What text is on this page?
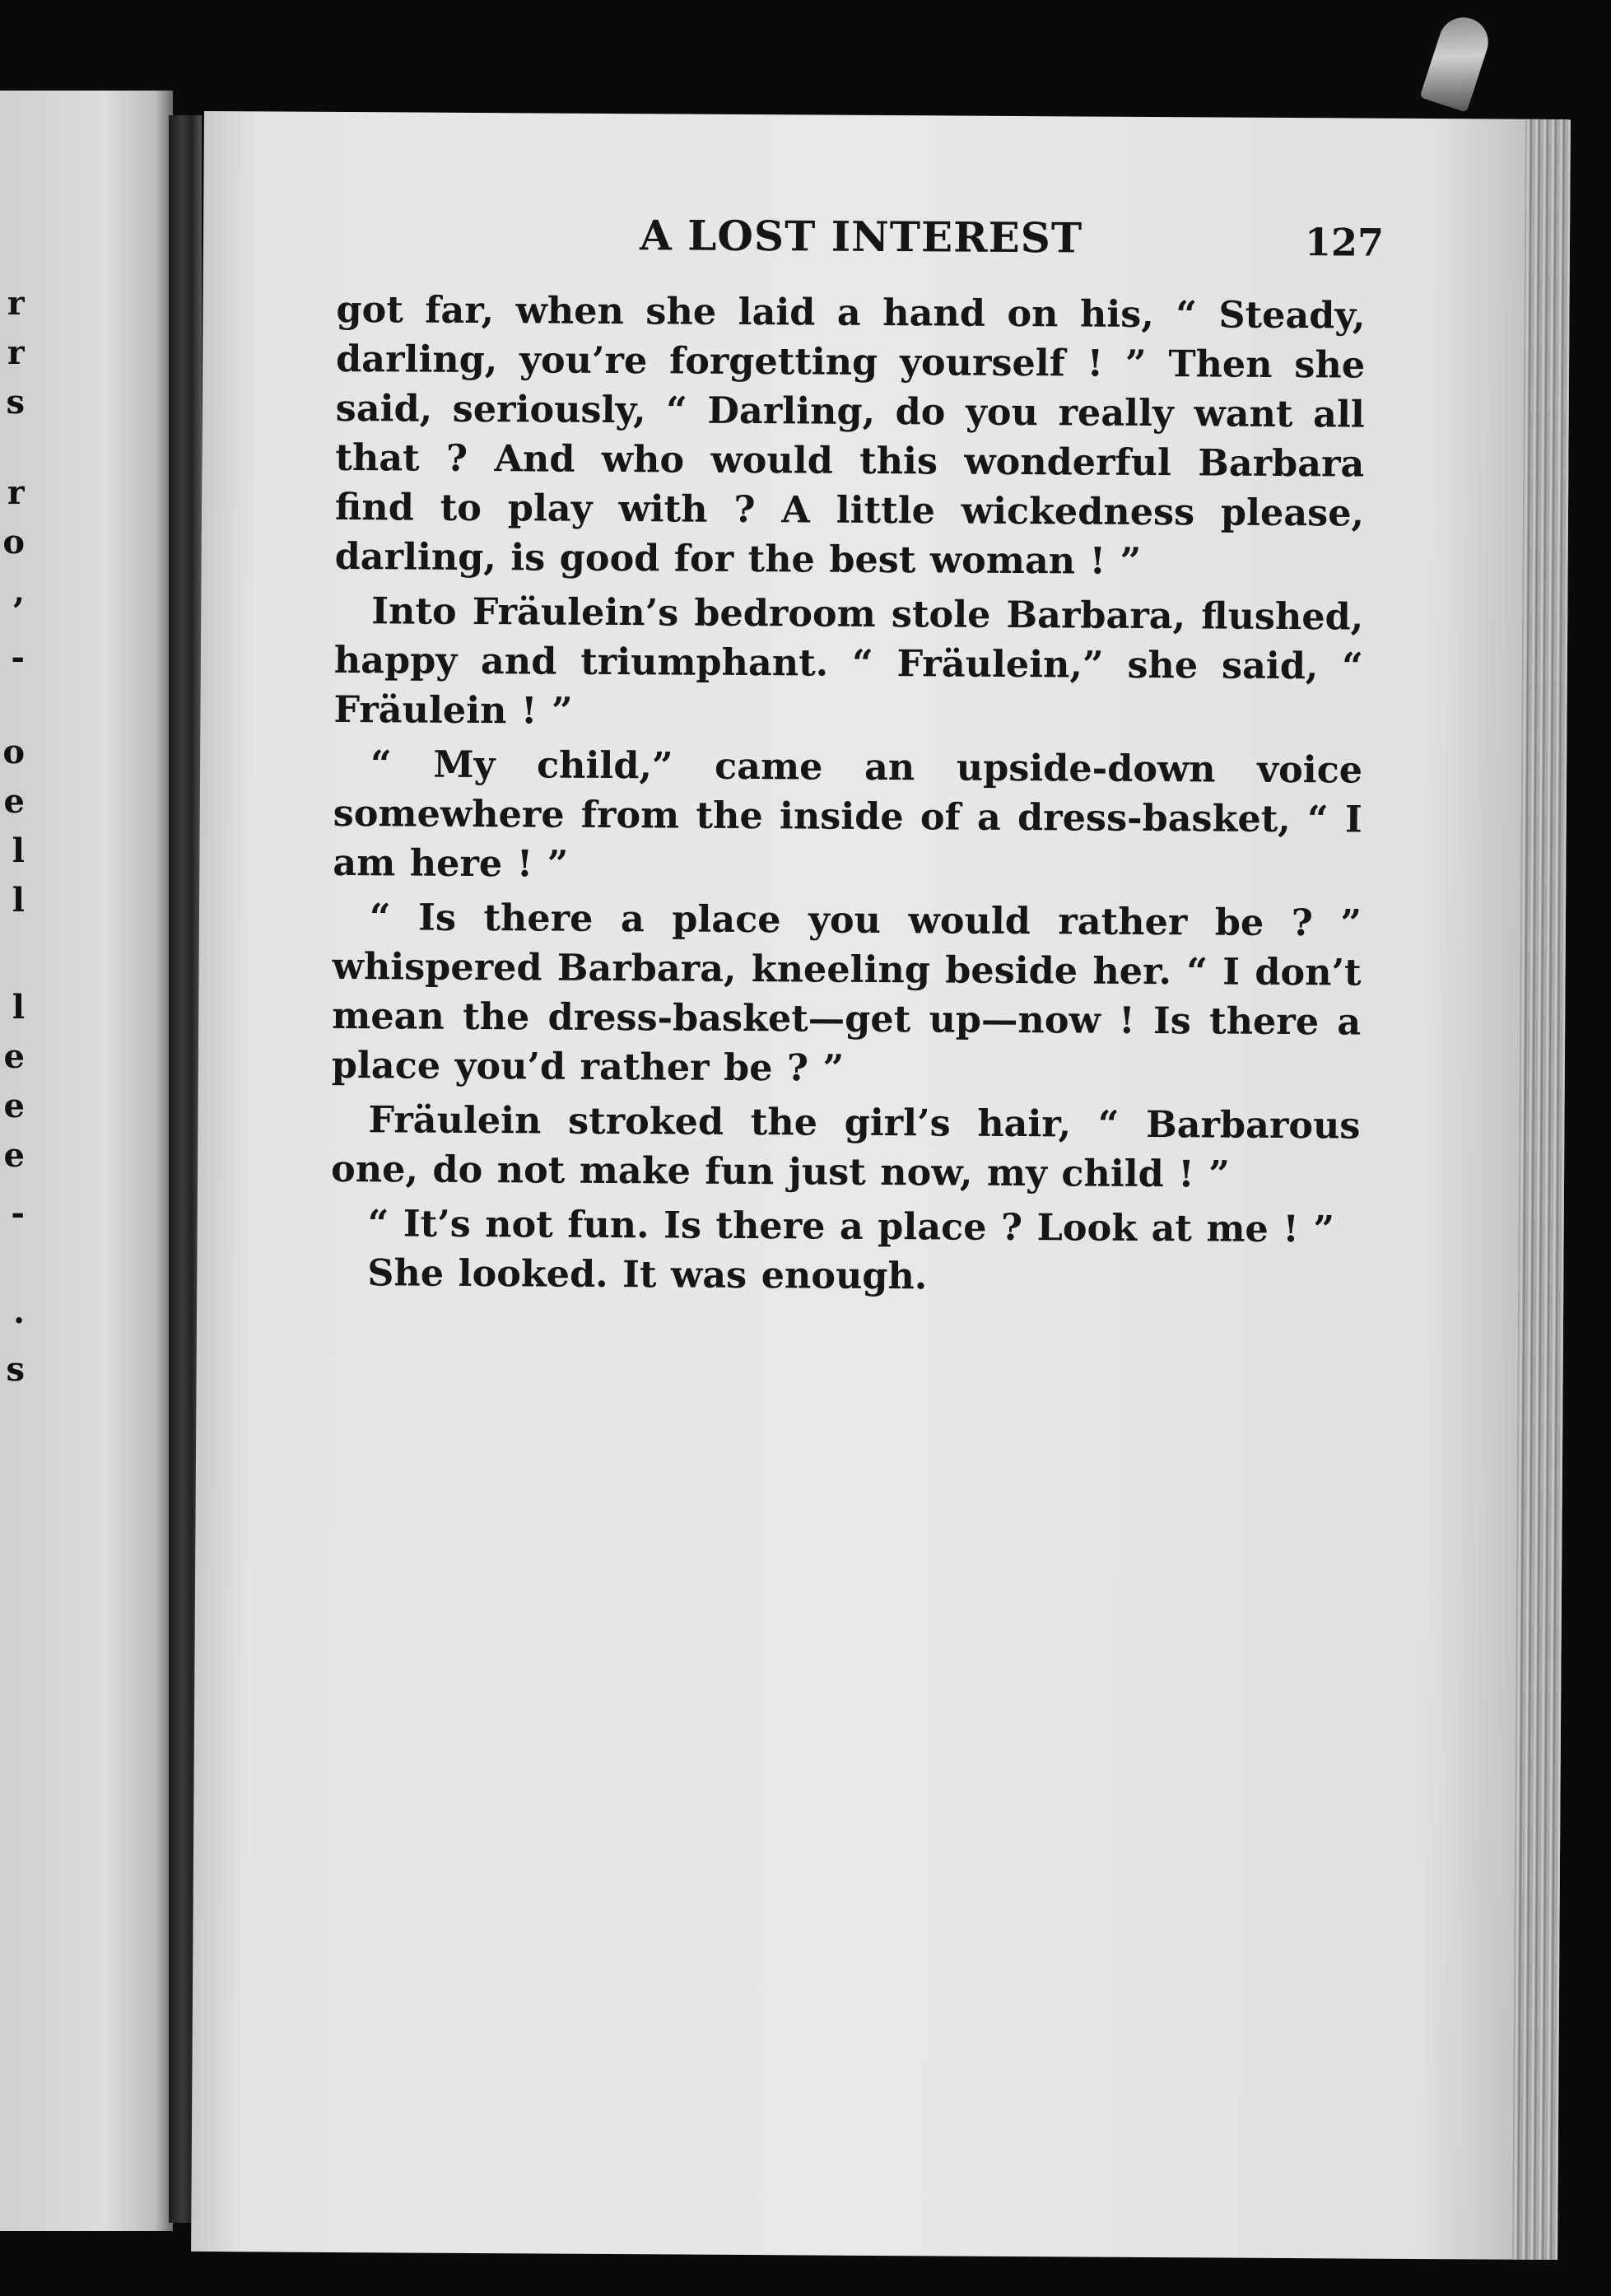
r
r
s
r
o
,
-
o
e
l
l
l
e
e
e
-
.
s
A LOST INTEREST	127

got far, when she laid a hand on his, “ Steady, darling, you’re forgetting yourself ! ” Then she said, seriously, “ Darling, do you really want all that ? And who would this wonderful Barbara find to play with ? A little wickedness please, darling, is good for the best woman ! ”

Into Fräulein’s bedroom stole Barbara, flushed, happy and triumphant. “ Fräulein,” she said, “ Fräulein ! ”

“ My child,” came an upside-down voice somewhere from the inside of a dress-basket, “ I am here ! ”

“ Is there a place you would rather be ? ” whispered Barbara, kneeling beside her. “ I don’t mean the dress-basket—get up—now ! Is there a place you’d rather be ? ”

Fräulein stroked the girl’s hair, “ Barbarous one, do not make fun just now, my child ! ”

“ It’s not fun. Is there a place ? Look at me ! ”

She looked. It was enough.
